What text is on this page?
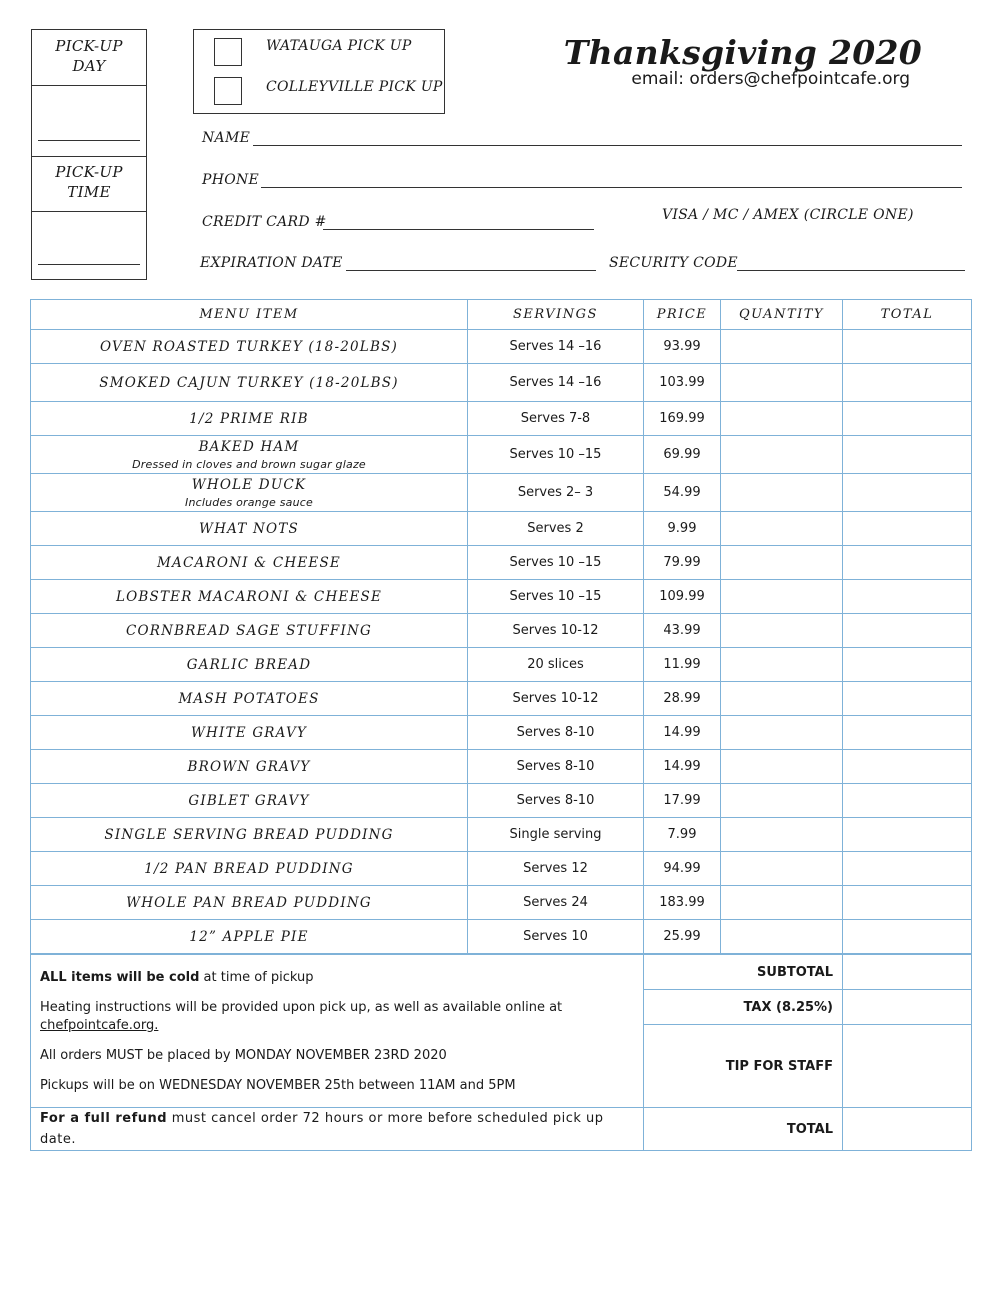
PICK-UP
DAY
PICK-UP
TIME
WATAUGA PICK UP
COLLEYVILLE PICK UP
Thanksgiving 2020
email: orders@chefpointcafe.org
NAME
PHONE
CREDIT CARD #	VISA / MC / AMEX (CIRCLE ONE)
EXPIRATION DATE	SECURITY CODE
MENU ITEM	SERVINGS	PRICE	QUANTITY	TOTAL
OVEN ROASTED TURKEY (18-20LBS)	Serves 14 –16	93.99		
SMOKED CAJUN TURKEY (18-20LBS)	Serves 14 –16	103.99		
1/2 PRIME RIB	Serves 7-8	169.99		
BAKED HAM
Dressed in cloves and brown sugar glaze	Serves 10 –15	69.99		
WHOLE DUCK
Includes orange sauce	Serves 2– 3	54.99		
WHAT NOTS	Serves 2	9.99		
MACARONI & CHEESE	Serves 10 –15	79.99		
LOBSTER MACARONI & CHEESE	Serves 10 –15	109.99		
CORNBREAD SAGE STUFFING	Serves 10-12	43.99		
GARLIC BREAD	20 slices	11.99		
MASH POTATOES	Serves 10-12	28.99		
WHITE GRAVY	Serves 8-10	14.99		
BROWN GRAVY	Serves 8-10	14.99		
GIBLET GRAVY	Serves 8-10	17.99		
SINGLE SERVING BREAD PUDDING	Single serving	7.99		
1/2 PAN BREAD PUDDING	Serves 12	94.99		
WHOLE PAN BREAD PUDDING	Serves 24	183.99		
12” APPLE PIE	Serves 10	25.99		

ALL items will be cold at time of pickup

Heating instructions will be provided upon pick up, as well as available online at chefpointcafe.org.

All orders MUST be placed by MONDAY NOVEMBER 23RD 2020

Pickups will be on WEDNESDAY NOVEMBER 25th between 11AM and 5PM	SUBTOTAL	
	TAX (8.25%)	
	TIP FOR STAFF	
For a full refund must cancel order 72 hours or more before scheduled pick up date.	TOTAL	
